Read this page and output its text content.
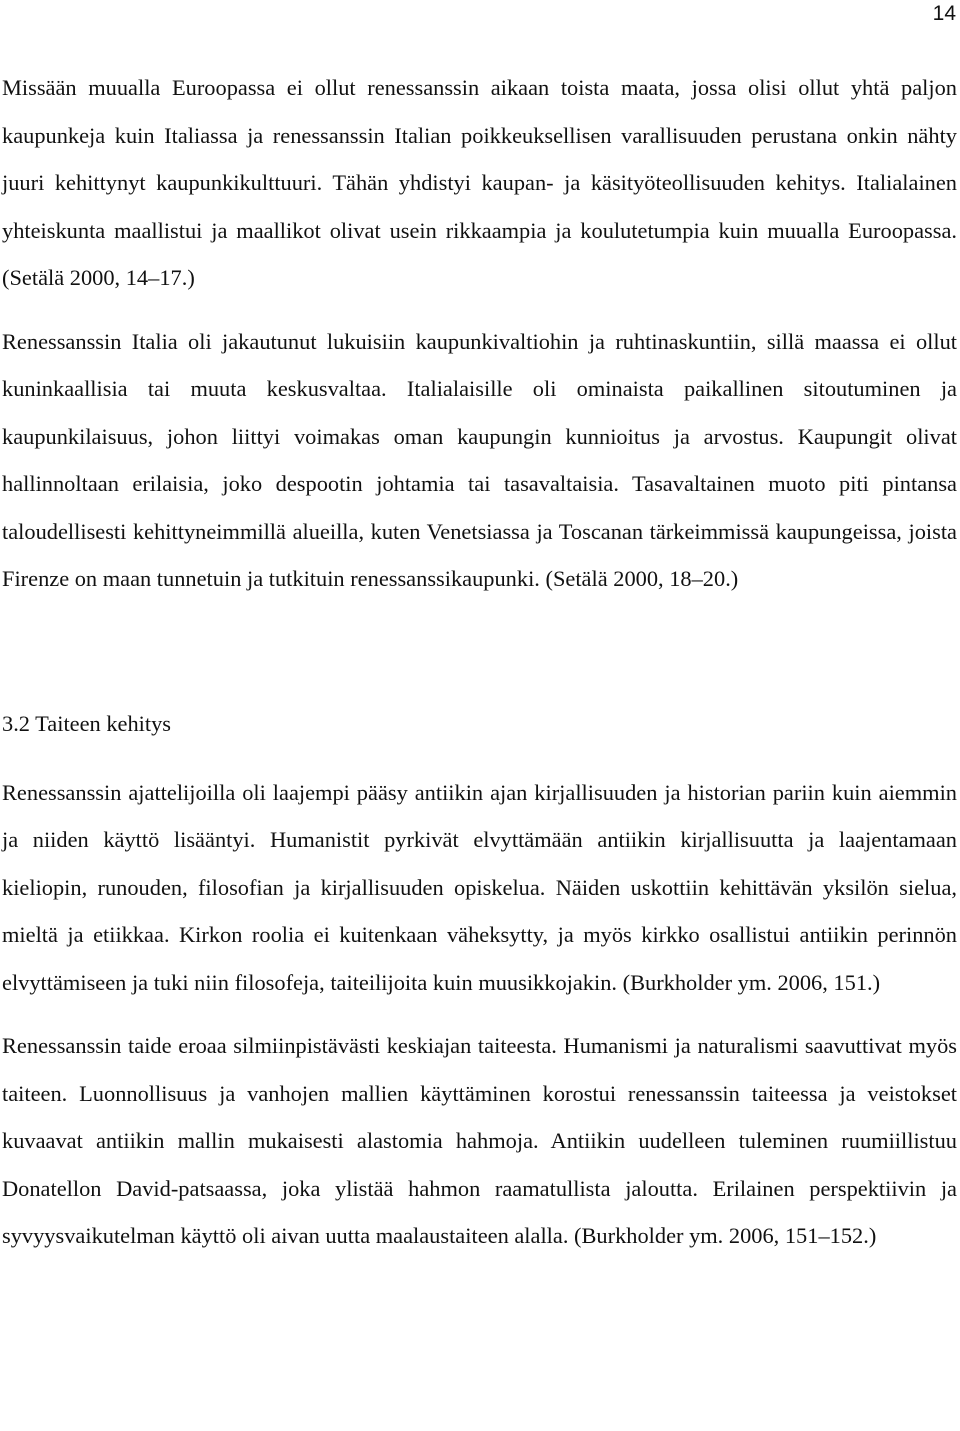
14

Missään muualla Euroopassa ei ollut renessanssin aikaan toista maata, jossa olisi ollut yhtä paljon kaupunkeja kuin Italiassa ja renessanssin Italian poikkeuksellisen varallisuuden perustana onkin nähty juuri kehittynyt kaupunkikulttuuri. Tähän yhdistyi kaupan- ja käsityöteollisuuden kehitys. Italialainen yhteiskunta maallistui ja maallikot olivat usein rikkaampia ja koulutetumpia kuin muualla Euroopassa. (Setälä 2000, 14–17.)

Renessanssin Italia oli jakautunut lukuisiin kaupunkivaltiohin ja ruhtinaskuntiin, sillä maassa ei ollut kuninkaallisia tai muuta keskusvaltaa. Italialaisille oli ominaista paikallinen sitoutuminen ja kaupunkilaisuus, johon liittyi voimakas oman kaupungin kunnioitus ja arvostus. Kaupungit olivat hallinnoltaan erilaisia, joko despootin johtamia tai tasavaltaisia. Tasavaltainen muoto piti pintansa taloudellisesti kehittyneimmillä alueilla, kuten Venetsiassa ja Toscanan tärkeimmissä kaupungeissa, joista Firenze on maan tunnetuin ja tutkituin renessanssikaupunki. (Setälä 2000, 18–20.)

3.2 Taiteen kehitys

Renessanssin ajattelijoilla oli laajempi pääsy antiikin ajan kirjallisuuden ja historian pariin kuin aiemmin ja niiden käyttö lisääntyi. Humanistit pyrkivät elvyttämään antiikin kirjallisuutta ja laajentamaan kieliopin, runouden, filosofian ja kirjallisuuden opiskelua. Näiden uskottiin kehittävän yksilön sielua, mieltä ja etiikkaa. Kirkon roolia ei kuitenkaan väheksytty, ja myös kirkko osallistui antiikin perinnön elvyttämiseen ja tuki niin filosofeja, taiteilijoita kuin muusikkojakin. (Burkholder ym. 2006, 151.)

Renessanssin taide eroaa silmiinpistävästi keskiajan taiteesta. Humanismi ja naturalismi saavuttivat myös taiteen. Luonnollisuus ja vanhojen mallien käyttäminen korostui renessanssin taiteessa ja veistokset kuvaavat antiikin mallin mukaisesti alastomia hahmoja. Antiikin uudelleen tuleminen ruumiillistuu Donatellon David-patsaassa, joka ylistää hahmon raamatullista jaloutta. Erilainen perspektiivin ja syvyysvaikutelman käyttö oli aivan uutta maalaustaiteen alalla. (Burkholder ym. 2006, 151–152.)
